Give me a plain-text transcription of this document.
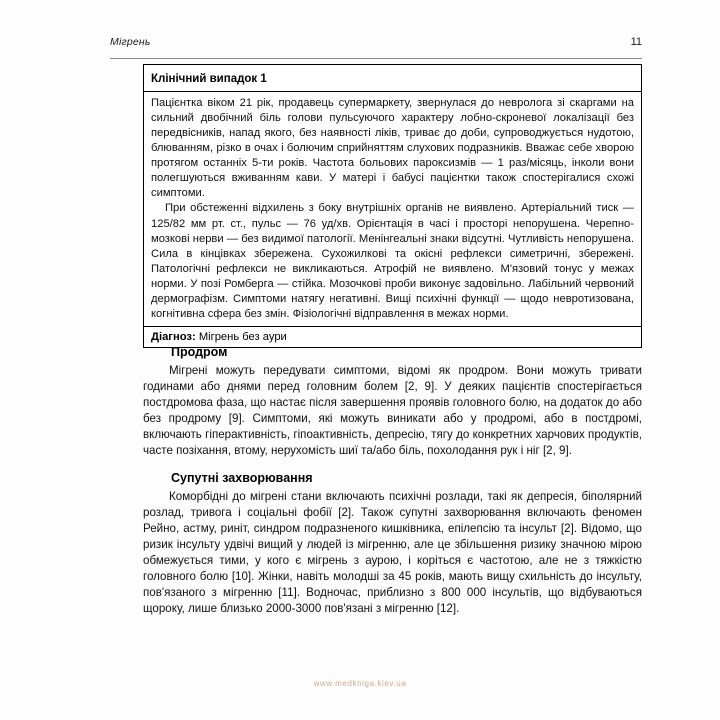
Мігрень	11
Клінічний випадок 1

Пацієнтка віком 21 рік, продавець супермаркету, звернулася до невролога зі скаргами на сильний двобічний біль голови пульсуючого характеру лобно-скроневої локалізації без передвісників, напад якого, без наявності ліків, триває до доби, супроводжується нудотою, блюванням, різко в очах і болючим сприйняттям слухових подразників. Вважає себе хворою протягом останніх 5-ти років. Частота больових пароксизмів — 1 раз/місяць, інколи вони полегшуються вживанням кави. У матері і бабусі пацієнтки також спостерігалися схожі симптоми.

При обстеженні відхилень з боку внутрішніх органів не виявлено. Артеріальний тиск — 125/82 мм рт. ст., пульс — 76 уд/хв. Орієнтація в часі і просторі непорушена. Черепно-мозкові нерви — без видимої патології. Менінгеальні знаки відсутні. Чутливість непорушена. Сила в кінцівках збережена. Сухожилкові та окісні рефлекси симетричні, збережені. Патологічні рефлекси не викликаються. Атрофій не виявлено. М'язовий тонус у межах норми. У позі Ромберга — стійка. Мозочкові проби виконує задовільно. Лабільний червоний дермографізм. Симптоми натягу негативні. Вищі психічні функції — щодо невротизована, когнітивна сфера без змін. Фізіологічні відправлення в межах норми.

Діагноз: Мігрень без аури
Продром

Мігрені можуть передувати симптоми, відомі як продром. Вони можуть тривати годинами або днями перед головним болем [2, 9]. У деяких пацієнтів спостерігається постдромова фаза, що настає після завершення проявів головного болю, на додаток до або без продрому [9]. Симптоми, які можуть виникати або у продромі, або в постдромі, включають гіперактивність, гіпоактивність, депресію, тягу до конкретних харчових продуктів, часте позіхання, втому, нерухомість шиї та/або біль, похолодання рук і ніг [2, 9].

Супутні захворювання

Коморбідні до мігрені стани включають психічні розлади, такі як депресія, біполярний розлад, тривога і соціальні фобії [2]. Також супутні захворювання включають феномен Рейно, астму, риніт, синдром подразненого кишківника, епілепсію та інсульт [2]. Відомо, що ризик інсульту удвічі вищий у людей із мігренню, але це збільшення ризику значною мірою обмежується тими, у кого є мігрень з аурою, і коріться є частотою, але не з тяжкістю головного болю [10]. Жінки, навіть молодші за 45 років, мають вищу схильність до інсульту, пов'язаного з мігренню [11]. Водночас, приблизно з 800 000 інсультів, що відбуваються щороку, лише близько 2000-3000 пов'язані з мігренню [12].

www.medkniga.kiev.ua
